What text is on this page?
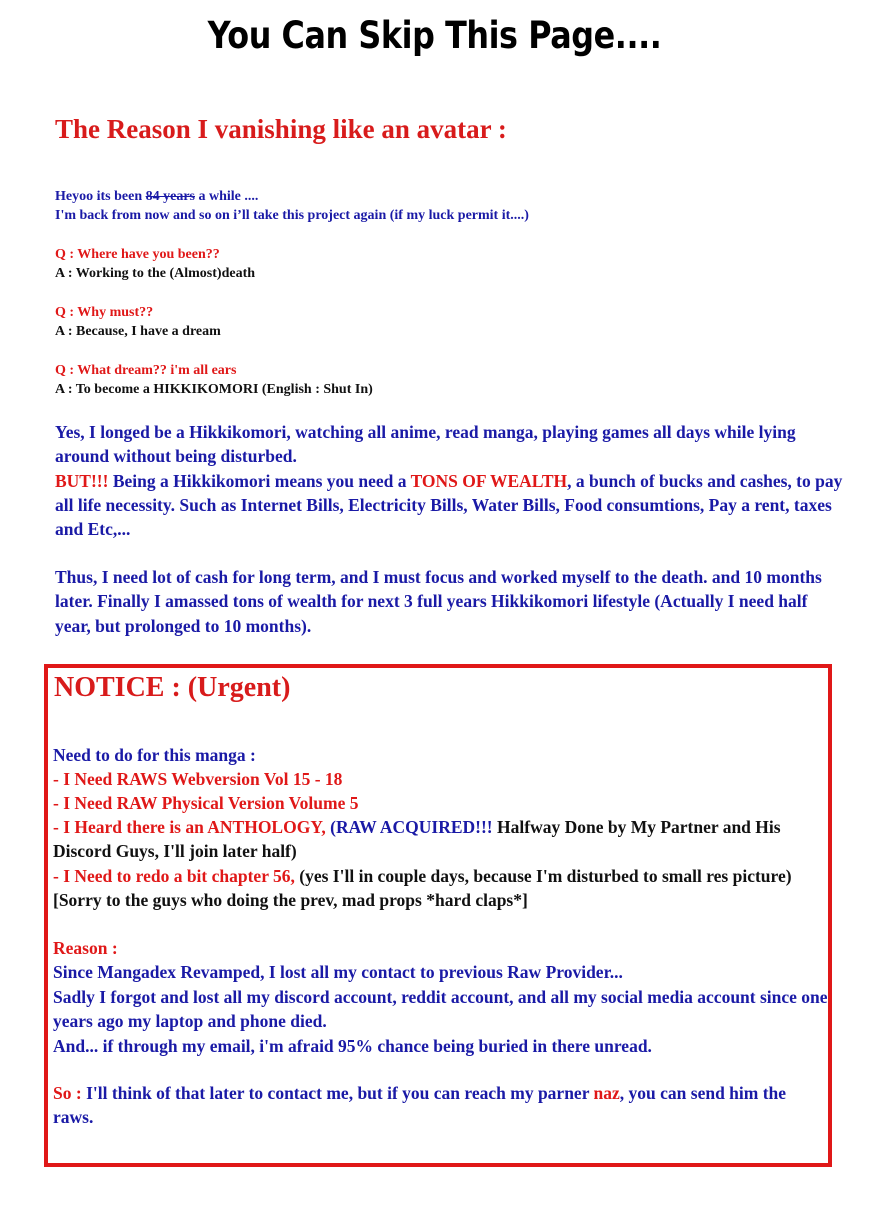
You Can Skip This Page....
The Reason I vanishing like an avatar :
Heyoo its been 84 years a while ....
I'm back from now and so on i’ll take this project again (if my luck permit it....)
Q : Where have you been??
A : Working to the (Almost)death
Q : Why must??
A : Because, I have a dream
Q : What dream?? i'm all ears
A : To become a HIKKIKOMORI (English : Shut In)
Yes, I longed be a Hikkikomori, watching all anime, read manga, playing games all days while lying around without being disturbed.
BUT!!! Being a Hikkikomori means you need a TONS OF WEALTH, a bunch of bucks and cashes, to pay all life necessity. Such as Internet Bills, Electricity Bills, Water Bills, Food consumtions, Pay a rent, taxes and Etc,...
Thus, I need lot of cash for long term, and I must focus and worked myself to the death. and 10 months later. Finally I amassed tons of wealth for next 3 full years Hikkikomori lifestyle (Actually I need half year, but prolonged to 10 months).
NOTICE : (Urgent)
Need to do for this manga :
- I Need RAWS Webversion Vol 15 - 18
- I Need RAW Physical Version Volume 5
- I Heard there is an ANTHOLOGY, (RAW ACQUIRED!!! Halfway Done by My Partner and His Discord Guys, I'll join later half)
- I Need to redo a bit chapter 56, (yes I'll in couple days, because I'm disturbed to small res picture)[Sorry to the guys who doing the prev, mad props *hard claps*]
Reason :
Since Mangadex Revamped, I lost all my contact to previous Raw Provider...
Sadly I forgot and lost all my discord account, reddit account, and all my social media account since one years ago my laptop and phone died.
And... if through my email, i'm afraid 95% chance being buried in there unread.
So : I'll think of that later to contact me, but if you can reach my parner naz, you can send him the raws.
